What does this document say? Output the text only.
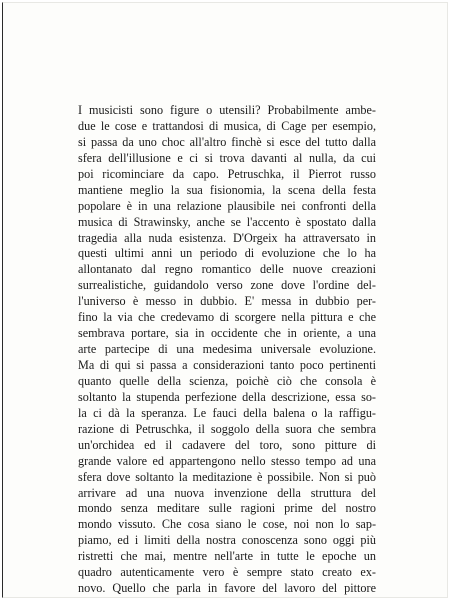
I musicisti sono figure o utensili? Probabilmente ambe-
due le cose e trattandosi di musica, di Cage per esempio,
si passa da uno choc all'altro finchè si esce del tutto dalla
sfera dell'illusione e ci si trova davanti al nulla, da cui
poi ricominciare da capo. Petruschka, il Pierrot russo
mantiene meglio la sua fisionomia, la scena della festa
popolare è in una relazione plausibile nei confronti della
musica di Strawinsky, anche se l'accento è spostato dalla
tragedia alla nuda esistenza. D'Orgeix ha attraversato in
questi ultimi anni un periodo di evoluzione che lo ha
allontanato dal regno romantico delle nuove creazioni
surrealistiche, guidandolo verso zone dove l'ordine del-
l'universo è messo in dubbio. E' messa in dubbio per-
fino la via che credevamo di scorgere nella pittura e che
sembrava portare, sia in occidente che in oriente, a una
arte partecipe di una medesima universale evoluzione.
Ma di qui si passa a considerazioni tanto poco pertinenti
quanto quelle della scienza, poichè ciò che consola è
soltanto la stupenda perfezione della descrizione, essa so-
la ci dà la speranza. Le fauci della balena o la raffigu-
razione di Petruschka, il soggolo della suora che sembra
un'orchidea ed il cadavere del toro, sono pitture di
grande valore ed appartengono nello stesso tempo ad una
sfera dove soltanto la meditazione è possibile. Non si può
arrivare ad una nuova invenzione della struttura del
mondo senza meditare sulle ragioni prime del nostro
mondo vissuto. Che cosa siano le cose, noi non lo sap-
piamo, ed i limiti della nostra conoscenza sono oggi più
ristretti che mai, mentre nell'arte in tutte le epoche un
quadro autenticamente vero è sempre stato creato ex-
novo. Quello che parla in favore del lavoro del pittore
